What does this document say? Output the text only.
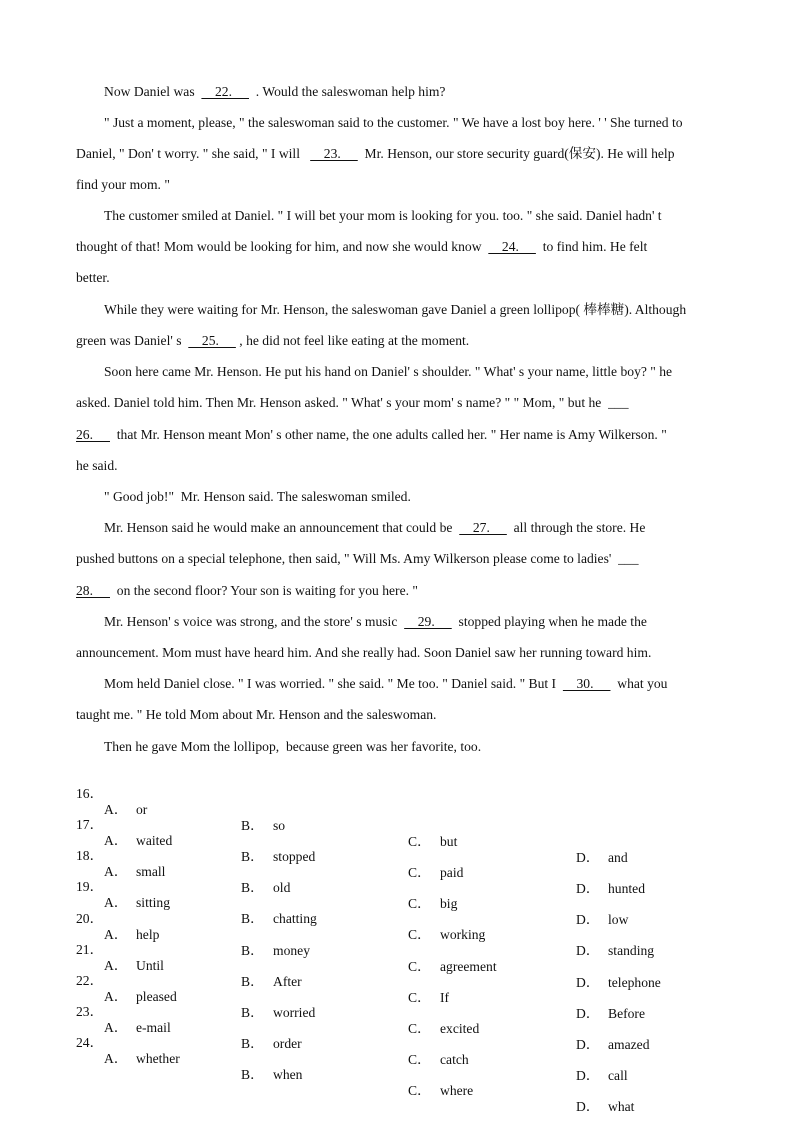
Now Daniel was      22.       . Would the saleswoman help him?
" Just a moment, please, " the saleswoman said to the customer. " We have a lost boy here. ' ' She turned to
Daniel, " Don' t worry. " she said, " I will       23.       Mr. Henson, our store security guard(保安). He will help
find your mom. "
The customer smiled at Daniel. " I will bet your mom is looking for you. too. " she said. Daniel hadn' t
thought of that! Mom would be looking for him, and now she would know      24.       to find him. He felt
better.
While they were waiting for Mr. Henson, the saleswoman gave Daniel a green lollipop( 棒棒糖). Although
green was Daniel' s      25.      , he did not feel like eating at the moment.
Soon here came Mr. Henson. He put his hand on Daniel' s shoulder. " What' s your name, little boy? " he
asked. Daniel told him. Then Mr. Henson asked. " What' s your mom' s name? " " Mom, " but he  ___
26.       that Mr. Henson meant Mon' s other name, the one adults called her. " Her name is Amy Wilkerson. "
he said.
" Good job!"  Mr. Henson said. The saleswoman smiled.
Mr. Henson said he would make an announcement that could be      27.       all through the store. He
pushed buttons on a special telephone, then said, " Will Ms. Amy Wilkerson please come to ladies'  ___
28.       on the second floor? Your son is waiting for you here. "
Mr. Henson' s voice was strong, and the store' s music      29.       stopped playing when he made the
announcement. Mom must have heard him. And she really had. Soon Daniel saw her running toward him.
Mom held Daniel close. " I was worried. " she said. " Me too. " Daniel said. " But I      30.       what you
taught me. " He told Mom about Mr. Henson and the saleswoman.
Then he gave Mom the lollipop,  because green was her favorite, too.

16．

A． or

B． so

C． but

D． and

17．

A． waited

B． stopped

C． paid

D． hunted

18．

A． small

B． old

C． big

D． low

19．

A． sitting

B． chatting

C． working

D． standing

20．

A． help

B． money

C． agreement

D． telephone

21．

A． Until

B． After

C． If

D． Before

22．

A． pleased

B． worried

C． excited

D． amazed

23．

A． e-mail

B． order

C． catch

D． call

24．

A． whether

B． when

C． where

D． what
